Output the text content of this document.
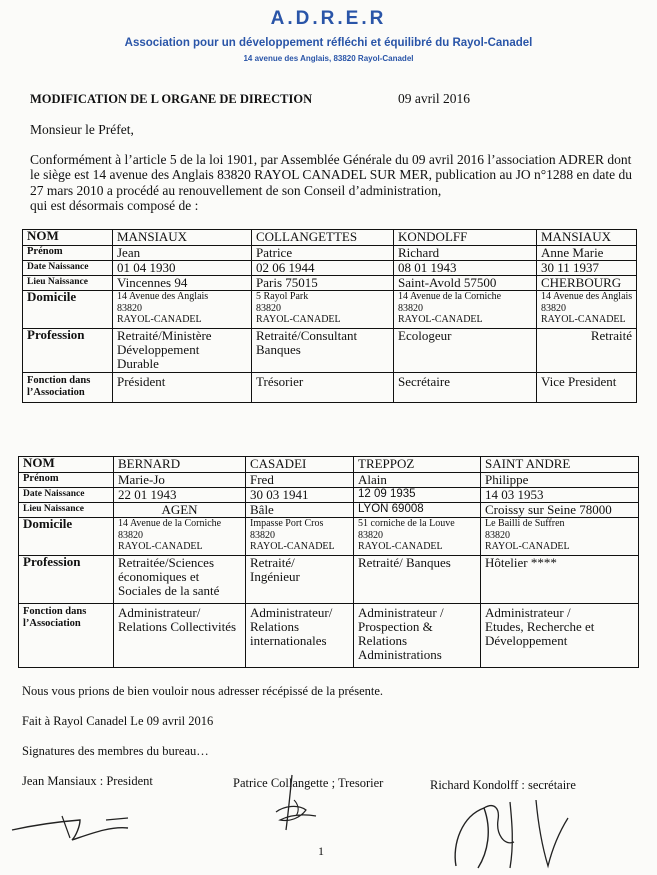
A.D.R.E.R
Association pour un développement réfléchi et équilibré du Rayol-Canadel
14 avenue des Anglais, 83820 Rayol-Canadel
MODIFICATION DE L ORGANE DE DIRECTION	09 avril 2016
Monsieur le Préfet,
Conformément à l’article 5 de la loi 1901, par Assemblée Générale du 09 avril 2016 l’association ADRER dont
le siège est 14 avenue des Anglais 83820 RAYOL CANADEL SUR MER, publication au JO n°1288 en date du
27 mars 2010 a procédé au renouvellement de son Conseil d’administration,
qui est désormais composé de :
NOM	MANSIAUX	COLLANGETTES	KONDOLFF	MANSIAUX
Prénom	Jean	Patrice	Richard	Anne Marie
Date Naissance	01 04 1930	02 06 1944	08 01 1943	30 11 1937
Lieu Naissance	Vincennes 94	Paris 75015	Saint-Avold 57500	CHERBOURG
Domicile	14 Avenue des Anglais
83820
RAYOL-CANADEL	5 Rayol Park
83820
RAYOL-CANADEL	14 Avenue de la Corniche
83820
RAYOL-CANADEL	14 Avenue des Anglais
83820
RAYOL-CANADEL

Profession	Retraité/Ministère
Développement
Durable	Retraité/Consultant
Banques	Ecologeur	Retraité

Fonction dans
l’Association	Président	Trésorier	Secrétaire	Vice President
NOM	BERNARD	CASADEI	TREPPOZ	SAINT ANDRE
Prénom	Marie-Jo	Fred	Alain	Philippe
Date Naissance	22 01 1943	30 03 1941	12 09 1935	14 03 1953
Lieu Naissance	AGEN	Bâle	LYON 69008	Croissy sur Seine 78000
Domicile	14 Avenue de la Corniche
83820
RAYOL-CANADEL	Impasse Port Cros
83820
RAYOL-CANADEL	51 corniche de la Louve
83820
RAYOL-CANADEL	Le Bailli de Suffren
83820
RAYOL-CANADEL

Profession	Retraitée/Sciences
économiques et
Sociales de la santé	Retraité/
Ingénieur	Retraité/ Banques	Hôtelier ****

Fonction dans
l’Association	Administrateur/
Relations Collectivités	Administrateur/
Relations
internationales	Administrateur /
Prospection &
Relations
Administrations	Administrateur /
Etudes, Recherche et
Développement
Nous vous prions de bien vouloir nous adresser récépissé de la présente.
Fait à Rayol Canadel Le 09 avril 2016
Signatures des membres du bureau…
Jean Mansiaux : President	Patrice Collangette ; Tresorier	Richard Kondolff : secrétaire
1
